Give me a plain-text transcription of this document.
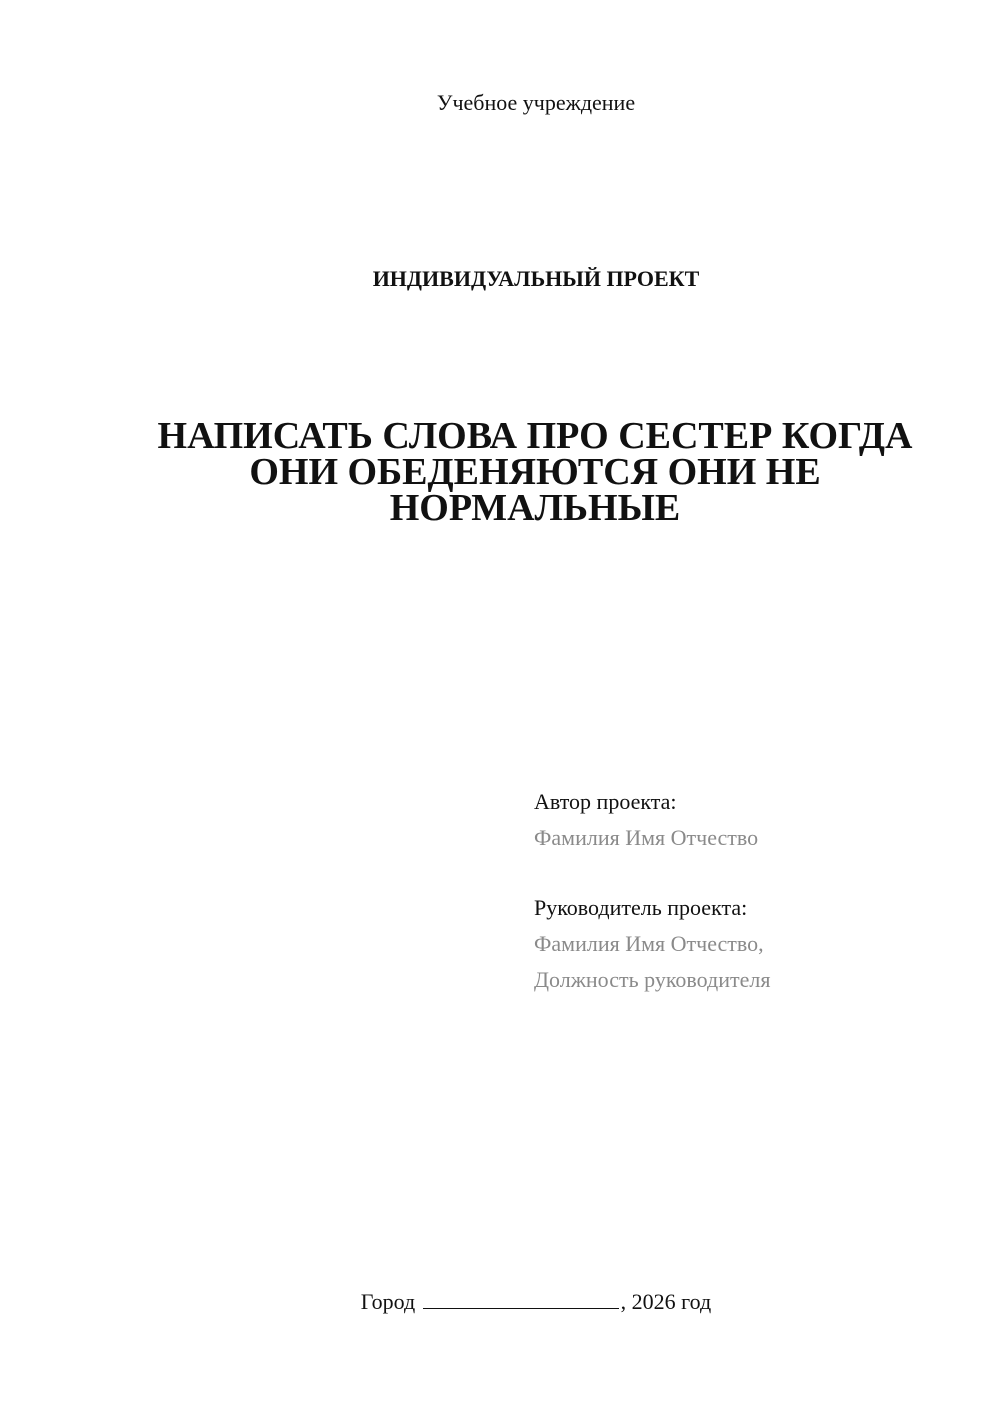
Учебное учреждение
ИНДИВИДУАЛЬНЫЙ ПРОЕКТ
НАПИСАТЬ СЛОВА ПРО СЕСТЕР КОГДА
ОНИ ОБЕДЕНЯЮТСЯ ОНИ НЕ
НОРМАЛЬНЫЕ
Автор проекта:
Фамилия Имя Отчество
Руководитель проекта:
Фамилия Имя Отчество,
Должность руководителя
Город	, 2026 год
